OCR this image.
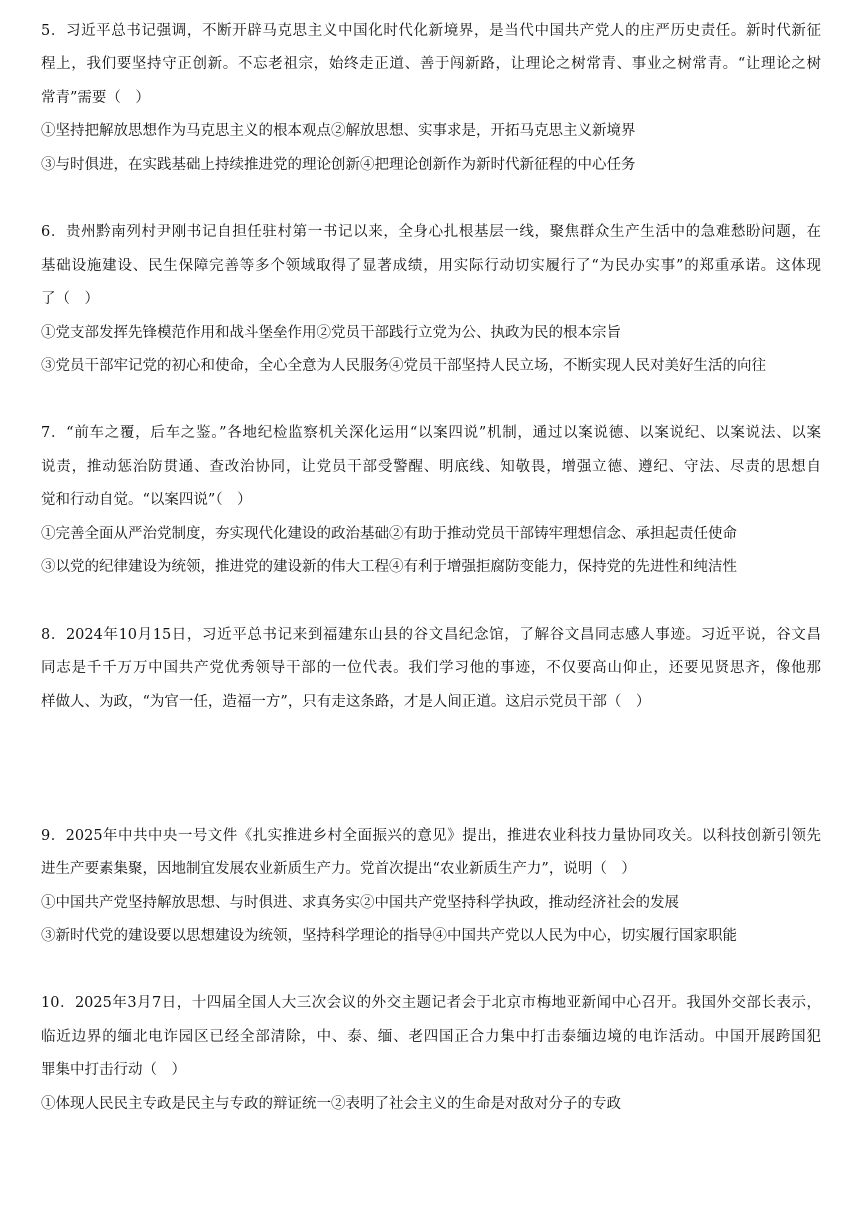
5．习近平总书记强调，不断开辟马克思主义中国化时代化新境界，是当代中国共产党人的庄严历史责任。新时代新征
程上，我们要坚持守正创新。不忘老祖宗，始终走正道、善于闯新路，让理论之树常青、事业之树常青。“让理论之树
常青”需要（　）
①坚持把解放思想作为马克思主义的根本观点②解放思想、实事求是，开拓马克思主义新境界
③与时俱进，在实践基础上持续推进党的理论创新④把理论创新作为新时代新征程的中心任务
6．贵州黔南列村尹刚书记自担任驻村第一书记以来，全身心扎根基层一线，聚焦群众生产生活中的急难愁盼问题，在
基础设施建设、民生保障完善等多个领域取得了显著成绩，用实际行动切实履行了“为民办实事”的郑重承诺。这体现
了（　）
①党支部发挥先锋模范作用和战斗堡垒作用②党员干部践行立党为公、执政为民的根本宗旨
③党员干部牢记党的初心和使命，全心全意为人民服务④党员干部坚持人民立场，不断实现人民对美好生活的向往
7．“前车之覆，后车之鉴。”各地纪检监察机关深化运用“以案四说”机制，通过以案说德、以案说纪、以案说法、以案
说责，推动惩治防贯通、查改治协同，让党员干部受警醒、明底线、知敬畏，增强立德、遵纪、守法、尽责的思想自
觉和行动自觉。“以案四说”（　）
①完善全面从严治党制度，夯实现代化建设的政治基础②有助于推动党员干部铸牢理想信念、承担起责任使命
③以党的纪律建设为统领，推进党的建设新的伟大工程④有利于增强拒腐防变能力，保持党的先进性和纯洁性
8．2024年10月15日，习近平总书记来到福建东山县的谷文昌纪念馆，了解谷文昌同志感人事迹。习近平说，谷文昌
同志是千千万万中国共产党优秀领导干部的一位代表。我们学习他的事迹，不仅要高山仰止，还要见贤思齐，像他那
样做人、为政，“为官一任，造福一方”，只有走这条路，才是人间正道。这启示党员干部（　）
9．2025年中共中央一号文件《扎实推进乡村全面振兴的意见》提出，推进农业科技力量协同攻关。以科技创新引领先
进生产要素集聚，因地制宜发展农业新质生产力。党首次提出“农业新质生产力”，说明（　）
①中国共产党坚持解放思想、与时俱进、求真务实②中国共产党坚持科学执政，推动经济社会的发展
③新时代党的建设要以思想建设为统领，坚持科学理论的指导④中国共产党以人民为中心，切实履行国家职能
10．2025年3月7日，十四届全国人大三次会议的外交主题记者会于北京市梅地亚新闻中心召开。我国外交部长表示，
临近边界的缅北电诈园区已经全部清除，中、泰、缅、老四国正合力集中打击泰缅边境的电诈活动。中国开展跨国犯
罪集中打击行动（　）
①体现人民民主专政是民主与专政的辩证统一②表明了社会主义的生命是对敌对分子的专政
